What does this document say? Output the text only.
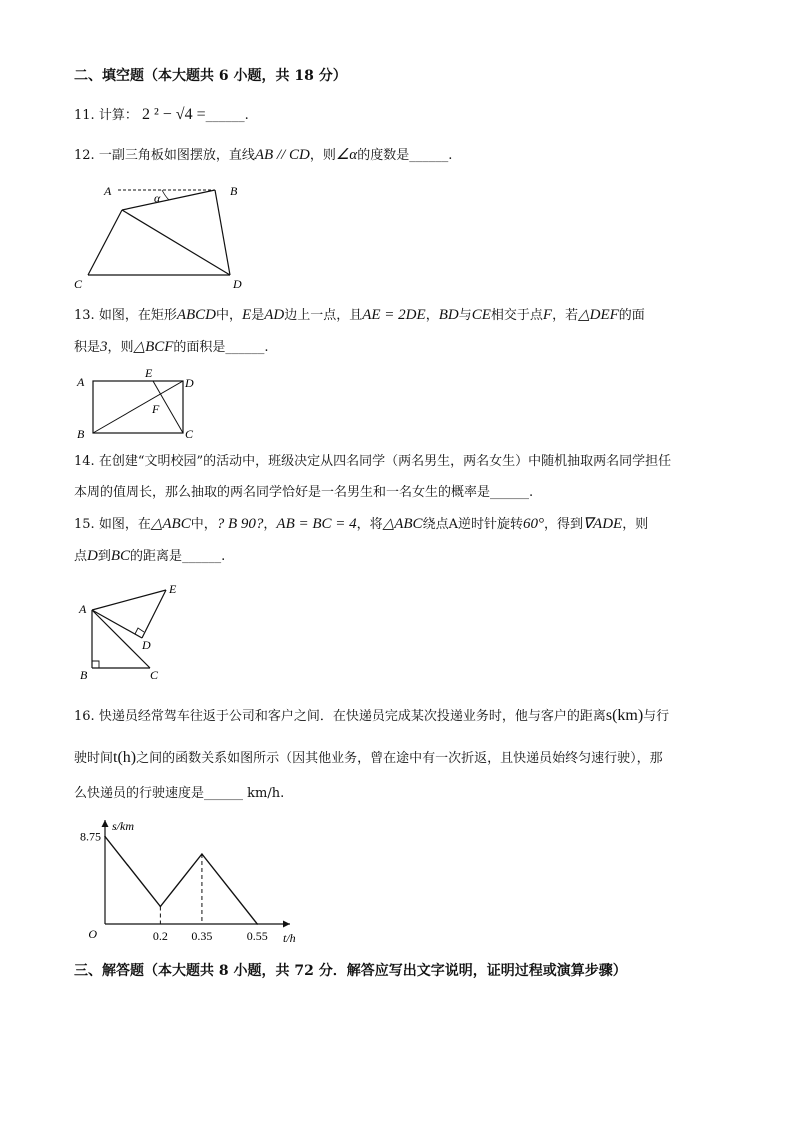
二、填空题（本大题共 6 小题，共 18 分）
11. 计算： 2 ² − √4 =______.
12. 一副三角板如图摆放，直线AB // CD，则∠α的度数是______.
A	B
C	D
α
13. 如图，在矩形ABCD中，E是AD边上一点，且AE = 2DE，BD与CE相交于点F，若△DEF的面
积是3，则△BCF的面积是______.
A	D
E
F
B	C
14. 在创建“文明校园”的活动中，班级决定从四名同学（两名男生，两名女生）中随机抽取两名同学担任
本周的值周长，那么抽取的两名同学恰好是一名男生和一名女生的概率是______.
15. 如图，在△ABC中，? B 90?，AB = BC = 4，将△ABC绕点A逆时针旋转60°，得到∇ADE，则
点D到BC的距离是______.
A
E
D
B	C
16. 快递员经常驾车往返于公司和客户之间．在快递员完成某次投递业务时，他与客户的距离s(km)与行
驶时间t(h)之间的函数关系如图所示（因其他业务，曾在途中有一次折返，且快递员始终匀速行驶），那
么快递员的行驶速度是______ km/h.
0.2 0.35	0.55
8.75
O	t/h
s/km
三、解答题（本大题共 8 小题，共 72 分．解答应写出文字说明，证明过程或演算步骤）
